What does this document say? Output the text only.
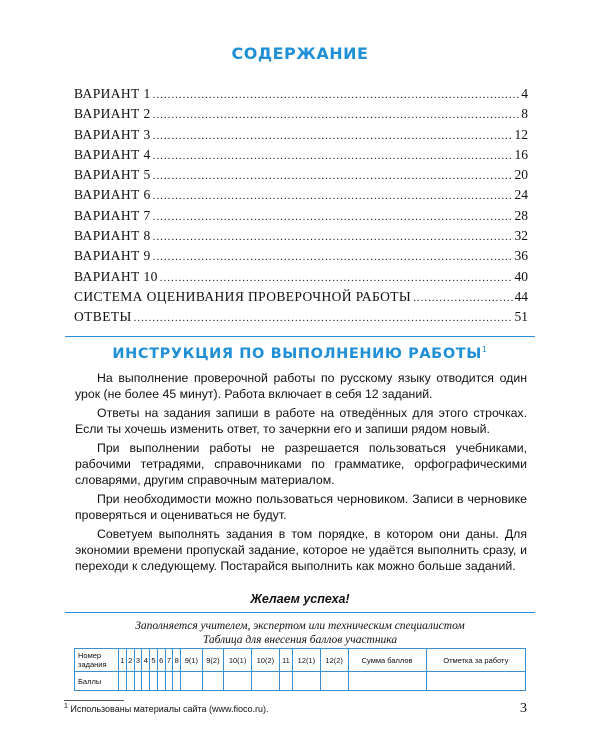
СОДЕРЖАНИЕ
ВАРИАНТ 1 .....	4
ВАРИАНТ 2 .....	8
ВАРИАНТ 3 .....	12
ВАРИАНТ 4 .....	16
ВАРИАНТ 5 .....	20
ВАРИАНТ 6 .....	24
ВАРИАНТ 7 .....	28
ВАРИАНТ 8 .....	32
ВАРИАНТ 9 .....	36
ВАРИАНТ 10 .....	40
СИСТЕМА ОЦЕНИВАНИЯ ПРОВЕРОЧНОЙ РАБОТЫ .....	44
ОТВЕТЫ .....	51
ИНСТРУКЦИЯ ПО ВЫПОЛНЕНИЮ РАБОТЫ$^1$

На выполнение проверочной работы по русскому языку отводится один урок (не более 45 минут). Работа включает в себя 12 заданий.

Ответы на задания запиши в работе на отведённых для этого строчках. Если ты хочешь изменить ответ, то зачеркни его и запиши рядом новый.

При выполнении работы не разрешается пользоваться учебниками, рабочими тетрадями, справочниками по грамматике, орфографическими словарями, другим справочным материалом.

При необходимости можно пользоваться черновиком. Записи в черновике проверяться и оцениваться не будут.

Советуем выполнять задания в том порядке, в котором они даны. Для экономии времени пропускай задание, которое не удаётся выполнить сразу, и переходи к следующему. Постарайся выполнить как можно больше заданий.

Желаем успеха!
Заполняется учителем, экспертом или техническим специалистом
Таблица для внесения баллов участника
Номер задания	1	2	3	4	5	6	7	8	9(1)	9(2)	10(1)	10(2)	11	12(1)	12(2)	Сумма баллов	Отметка за работу
Баллы																	
$^1$ Использованы материалы сайта (www.fioco.ru).	3
